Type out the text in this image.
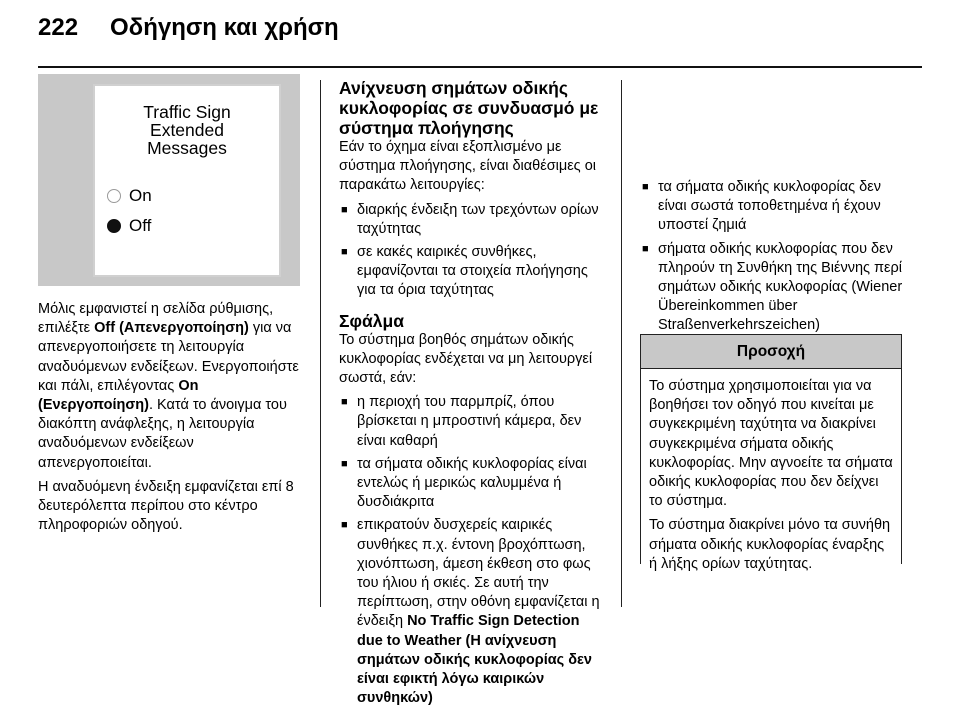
222 Οδήγηση και χρήση
Traffic Sign
Extended
Messages
On
Off

Μόλις εμφανιστεί η σελίδα ρύθμισης, επιλέξτε Off (Απενεργοποίηση) για να απενεργοποιήσετε τη λειτουργία αναδυόμενων ενδείξεων. Ενεργοποιήστε και πάλι, επιλέγοντας On (Ενεργοποίηση). Κατά το άνοιγμα του διακόπτη ανάφλεξης, η λειτουργία αναδυόμενων ενδείξεων απενεργοποιείται.

Η αναδυόμενη ένδειξη εμφανίζεται επί 8 δευτερόλεπτα περίπου στο κέντρο πληροφοριών οδηγού.

Ανίχνευση σημάτων οδικής κυκλοφορίας σε συνδυασμό με σύστημα πλοήγησης

Εάν το όχημα είναι εξοπλισμένο με σύστημα πλοήγησης, είναι διαθέσιμες οι παρακάτω λειτουργίες:

■ διαρκής ένδειξη των τρεχόντων ορίων ταχύτητας
■ σε κακές καιρικές συνθήκες, εμφανίζονται τα στοιχεία πλοήγησης για τα όρια ταχύτητας
Σφάλμα

Το σύστημα βοηθός σημάτων οδικής κυκλοφορίας ενδέχεται να μη λειτουργεί σωστά, εάν:

■ η περιοχή του παρμπρίζ, όπου βρίσκεται η μπροστινή κάμερα, δεν είναι καθαρή
■ τα σήματα οδικής κυκλοφορίας είναι εντελώς ή μερικώς καλυμμένα ή δυσδιάκριτα
■ επικρατούν δυσχερείς καιρικές συνθήκες π.χ. έντονη βροχόπτωση, χιονόπτωση, άμεση έκθεση στο φως του ήλιου ή σκιές. Σε αυτή την περίπτωση, στην οθόνη εμφανίζεται η ένδειξη No Traffic Sign Detection due to Weather (Η ανίχνευση σημάτων οδικής κυκλοφορίας δεν είναι εφικτή λόγω καιρικών συνθηκών)
■ τα σήματα οδικής κυκλοφορίας δεν είναι σωστά τοποθετημένα ή έχουν υποστεί ζημιά
■ σήματα οδικής κυκλοφορίας που δεν πληρούν τη Συνθήκη της Βιέννης περί σημάτων οδικής κυκλοφορίας (Wiener Übereinkommen über Straßenverkehrszeichen)
Προσοχή

Το σύστημα χρησιμοποιείται για να βοηθήσει τον οδηγό που κινείται με συγκεκριμένη ταχύτητα να διακρίνει συγκεκριμένα σήματα οδικής κυκλοφορίας. Μην αγνοείτε τα σήματα οδικής κυκλοφορίας που δεν δείχνει το σύστημα.

Το σύστημα διακρίνει μόνο τα συνήθη σήματα οδικής κυκλοφορίας έναρξης ή λήξης ορίων ταχύτητας.
